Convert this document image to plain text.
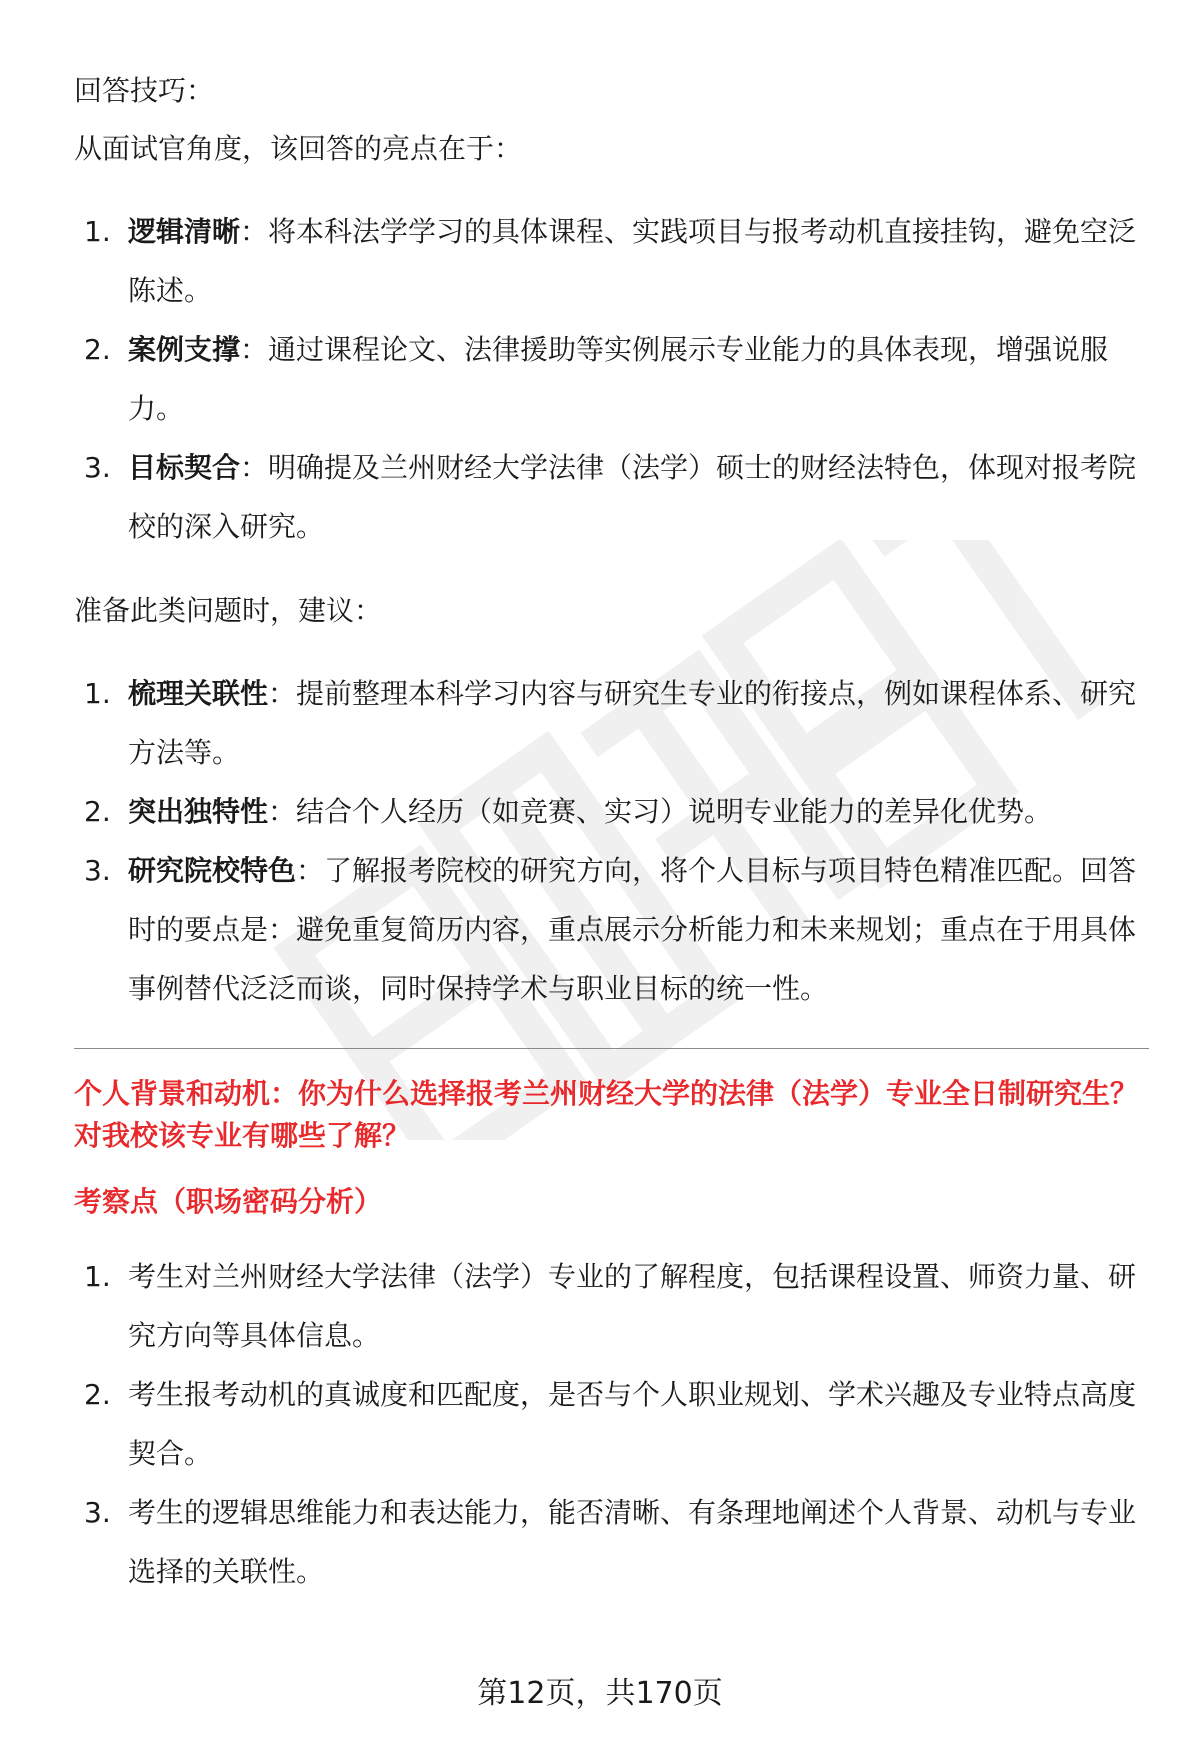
回答技巧：

从面试官角度，该回答的亮点在于：

1. 逻辑清晰：将本科法学学习的具体课程、实践项目与报考动机直接挂钩，避免空泛陈述。
2. 案例支撑：通过课程论文、法律援助等实例展示专业能力的具体表现，增强说服力。
3. 目标契合：明确提及兰州财经大学法律（法学）硕士的财经法特色，体现对报考院校的深入研究。

准备此类问题时，建议：

1. 梳理关联性：提前整理本科学习内容与研究生专业的衔接点，例如课程体系、研究方法等。
2. 突出独特性：结合个人经历（如竞赛、实习）说明专业能力的差异化优势。
3. 研究院校特色：了解报考院校的研究方向，将个人目标与项目特色精准匹配。回答时的要点是：避免重复简历内容，重点展示分析能力和未来规划；重点在于用具体事例替代泛泛而谈，同时保持学术与职业目标的统一性。

个人背景和动机：你为什么选择报考兰州财经大学的法律（法学）专业全日制研究生？对我校该专业有哪些了解？

考察点（职场密码分析）

1. 考生对兰州财经大学法律（法学）专业的了解程度，包括课程设置、师资力量、研究方向等具体信息。
2. 考生报考动机的真诚度和匹配度，是否与个人职业规划、学术兴趣及专业特点高度契合。
3. 考生的逻辑思维能力和表达能力，能否清晰、有条理地阐述个人背景、动机与专业选择的关联性。
第12页，共170页
